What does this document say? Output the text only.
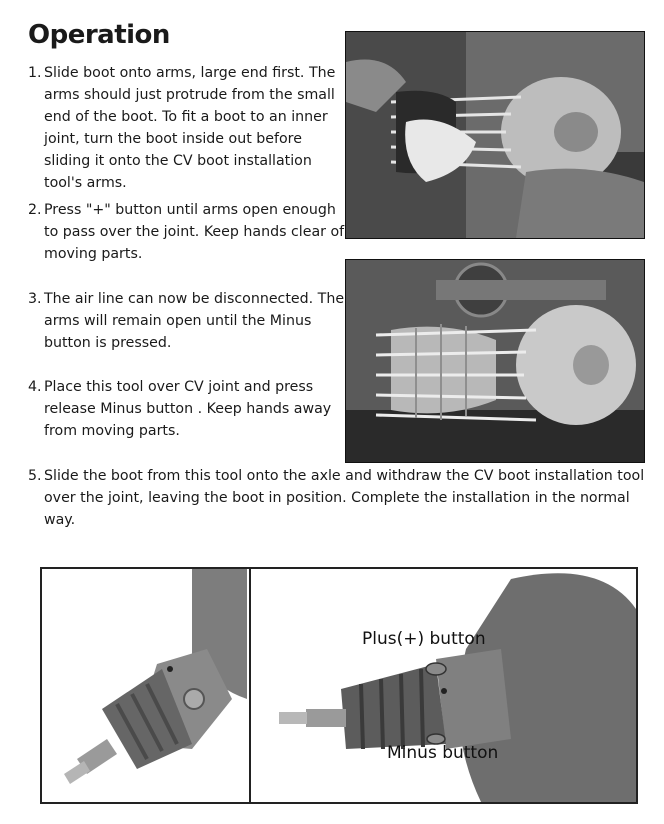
Operation
1. Slide boot onto arms, large end first. The arms should just protrude from the small end of the boot. To fit a boot to an inner joint, turn the boot inside out before sliding it onto the CV boot installation tool's arms.
2. Press "+" button until arms open enough to pass over the joint. Keep hands clear of moving parts.
3. The air line can now be disconnected. The arms will remain open until the Minus button is pressed.
4. Place this tool over CV joint and press release Minus button . Keep hands away from moving parts.
5. Slide the boot from this tool onto the axle and withdraw the CV boot installation tool over the joint, leaving the boot in position. Complete the installation in the normal way.
Plus(+) button
Minus button
